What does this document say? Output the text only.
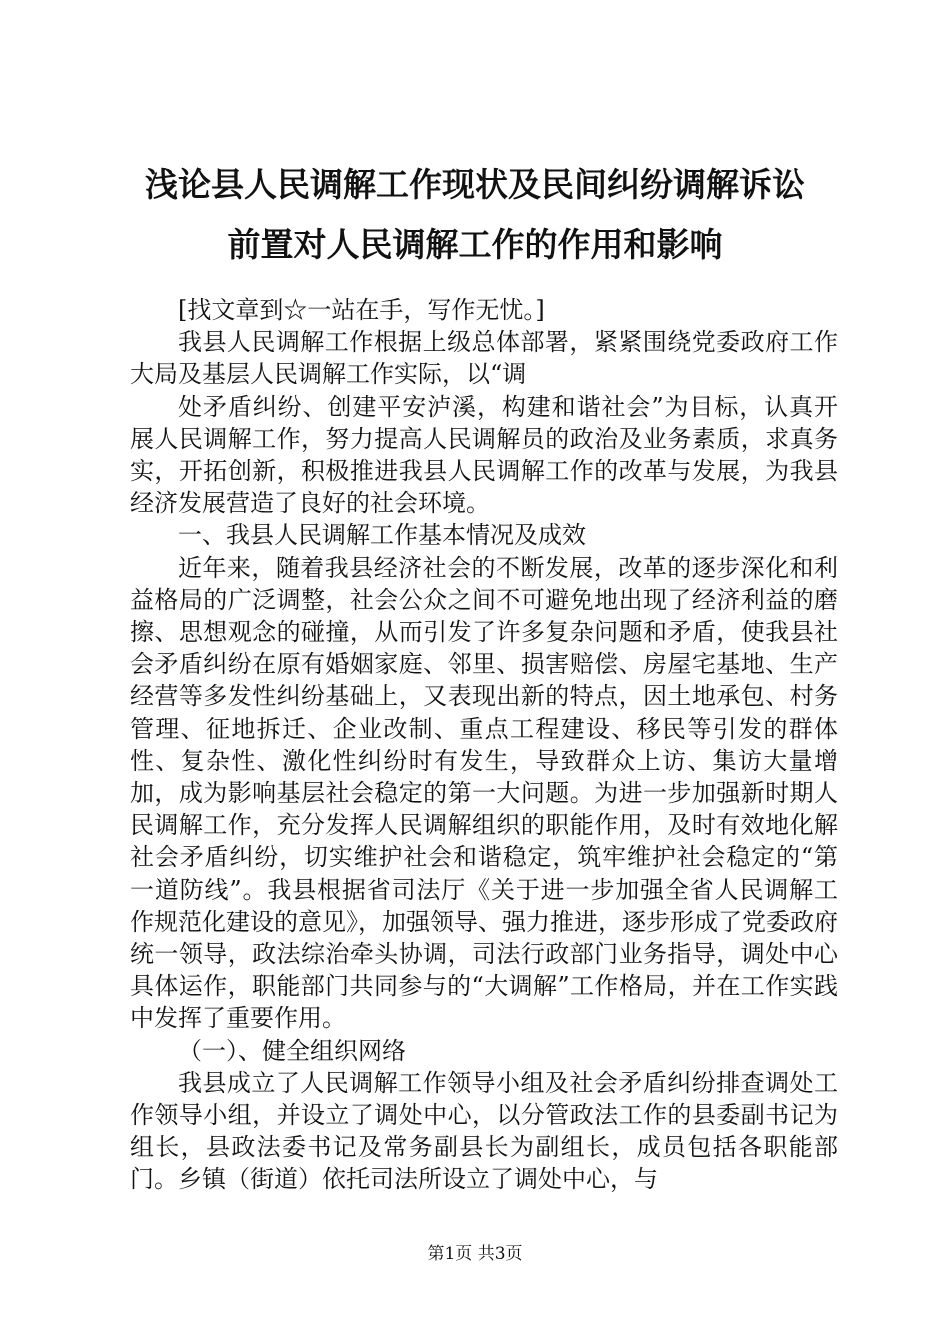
浅论县人民调解工作现状及民间纠纷调解诉讼
前置对人民调解工作的作用和影响

[找文章到☆一站在手，写作无忧。]

我县人民调解工作根据上级总体部署，紧紧围绕党委政府工作大局及基层人民调解工作实际，以“调

处矛盾纠纷、创建平安泸溪，构建和谐社会”为目标，认真开展人民调解工作，努力提高人民调解员的政治及业务素质，求真务实，开拓创新，积极推进我县人民调解工作的改革与发展，为我县经济发展营造了良好的社会环境。

一、我县人民调解工作基本情况及成效

近年来，随着我县经济社会的不断发展，改革的逐步深化和利益格局的广泛调整，社会公众之间不可避免地出现了经济利益的磨擦、思想观念的碰撞，从而引发了许多复杂问题和矛盾，使我县社会矛盾纠纷在原有婚姻家庭、邻里、损害赔偿、房屋宅基地、生产经营等多发性纠纷基础上，又表现出新的特点，因土地承包、村务管理、征地拆迁、企业改制、重点工程建设、移民等引发的群体性、复杂性、激化性纠纷时有发生，导致群众上访、集访大量增加，成为影响基层社会稳定的第一大问题。为进一步加强新时期人民调解工作，充分发挥人民调解组织的职能作用，及时有效地化解社会矛盾纠纷，切实维护社会和谐稳定，筑牢维护社会稳定的“第一道防线”。我县根据省司法厅《关于进一步加强全省人民调解工作规范化建设的意见》，加强领导、强力推进，逐步形成了党委政府统一领导，政法综治牵头协调，司法行政部门业务指导，调处中心具体运作，职能部门共同参与的“大调解”工作格局，并在工作实践中发挥了重要作用。

（一）、健全组织网络

我县成立了人民调解工作领导小组及社会矛盾纠纷排查调处工作领导小组，并设立了调处中心，以分管政法工作的县委副书记为组长，县政法委书记及常务副县长为副组长，成员包括各职能部门。乡镇（街道）依托司法所设立了调处中心，与

第1页 共3页
